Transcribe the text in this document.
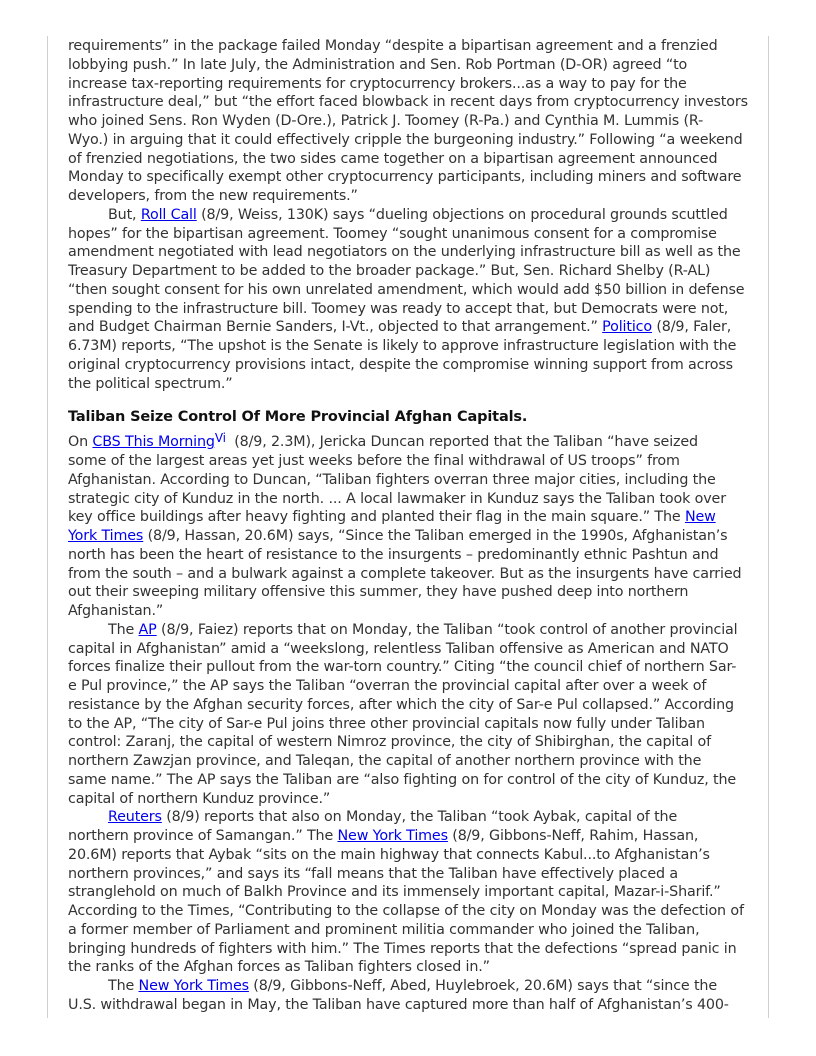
requirements” in the package failed Monday “despite a bipartisan agreement and a frenzied
lobbying push.” In late July, the Administration and Sen. Rob Portman (D-OR) agreed “to
increase tax-reporting requirements for cryptocurrency brokers...as a way to pay for the
infrastructure deal,” but “the effort faced blowback in recent days from cryptocurrency investors
who joined Sens. Ron Wyden (D-Ore.), Patrick J. Toomey (R-Pa.) and Cynthia M. Lummis (R-
Wyo.) in arguing that it could effectively cripple the burgeoning industry.” Following “a weekend
of frenzied negotiations, the two sides came together on a bipartisan agreement announced
Monday to specifically exempt other cryptocurrency participants, including miners and software
developers, from the new requirements.”
But, Roll Call (8/9, Weiss, 130K) says “dueling objections on procedural grounds scuttled
hopes” for the bipartisan agreement. Toomey “sought unanimous consent for a compromise
amendment negotiated with lead negotiators on the underlying infrastructure bill as well as the
Treasury Department to be added to the broader package.” But, Sen. Richard Shelby (R-AL)
“then sought consent for his own unrelated amendment, which would add $50 billion in defense
spending to the infrastructure bill. Toomey was ready to accept that, but Democrats were not,
and Budget Chairman Bernie Sanders, I-Vt., objected to that arrangement.” Politico (8/9, Faler,
6.73M) reports, “The upshot is the Senate is likely to approve infrastructure legislation with the
original cryptocurrency provisions intact, despite the compromise winning support from across
the political spectrum.”
Taliban Seize Control Of More Provincial Afghan Capitals.
On CBS This Morning$^{Vi}$ (8/9, 2.3M), Jericka Duncan reported that the Taliban “have seized
some of the largest areas yet just weeks before the final withdrawal of US troops” from
Afghanistan. According to Duncan, “Taliban fighters overran three major cities, including the
strategic city of Kunduz in the north. ... A local lawmaker in Kunduz says the Taliban took over
key office buildings after heavy fighting and planted their flag in the main square.” The New
York Times (8/9, Hassan, 20.6M) says, “Since the Taliban emerged in the 1990s, Afghanistan’s
north has been the heart of resistance to the insurgents – predominantly ethnic Pashtun and
from the south – and a bulwark against a complete takeover. But as the insurgents have carried
out their sweeping military offensive this summer, they have pushed deep into northern
Afghanistan.”
The AP (8/9, Faiez) reports that on Monday, the Taliban “took control of another provincial
capital in Afghanistan” amid a “weekslong, relentless Taliban offensive as American and NATO
forces finalize their pullout from the war-torn country.” Citing “the council chief of northern Sar-
e Pul province,” the AP says the Taliban “overran the provincial capital after over a week of
resistance by the Afghan security forces, after which the city of Sar-e Pul collapsed.” According
to the AP, “The city of Sar-e Pul joins three other provincial capitals now fully under Taliban
control: Zaranj, the capital of western Nimroz province, the city of Shibirghan, the capital of
northern Zawzjan province, and Taleqan, the capital of another northern province with the
same name.” The AP says the Taliban are “also fighting on for control of the city of Kunduz, the
capital of northern Kunduz province.”
Reuters (8/9) reports that also on Monday, the Taliban “took Aybak, capital of the
northern province of Samangan.” The New York Times (8/9, Gibbons-Neff, Rahim, Hassan,
20.6M) reports that Aybak “sits on the main highway that connects Kabul...to Afghanistan’s
northern provinces,” and says its “fall means that the Taliban have effectively placed a
stranglehold on much of Balkh Province and its immensely important capital, Mazar-i-Sharif.”
According to the Times, “Contributing to the collapse of the city on Monday was the defection of
a former member of Parliament and prominent militia commander who joined the Taliban,
bringing hundreds of fighters with him.” The Times reports that the defections “spread panic in
the ranks of the Afghan forces as Taliban fighters closed in.”
The New York Times (8/9, Gibbons-Neff, Abed, Huylebroek, 20.6M) says that “since the
U.S. withdrawal began in May, the Taliban have captured more than half of Afghanistan’s 400-
